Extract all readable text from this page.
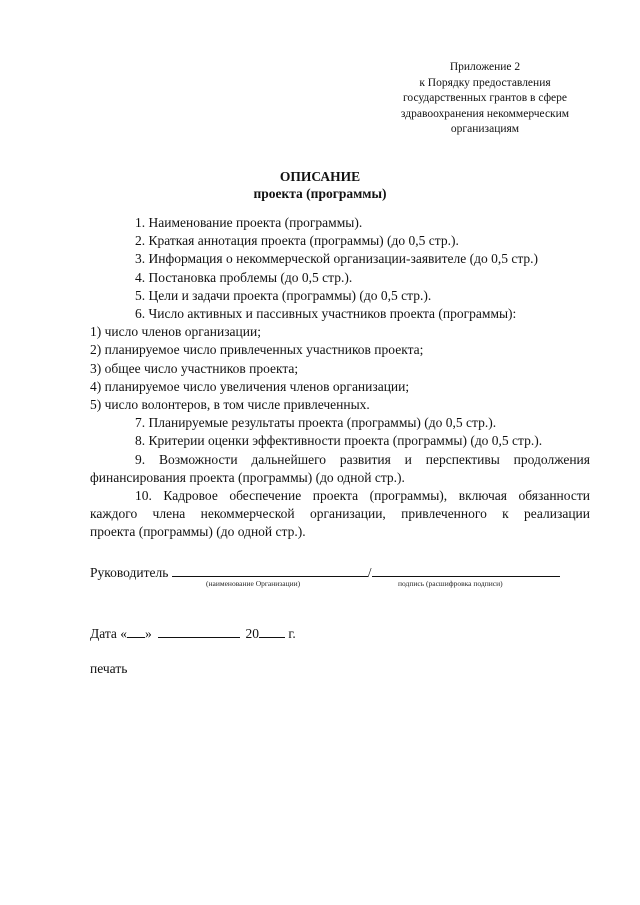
Приложение 2
к Порядку предоставления
государственных грантов в сфере
здравоохранения некоммерческим
организациям
ОПИСАНИЕ
проекта (программы)
1. Наименование проекта (программы).
2. Краткая аннотация проекта (программы) (до 0,5 стр.).
3. Информация о некоммерческой организации-заявителе (до 0,5 стр.)
4. Постановка проблемы (до 0,5 стр.).
5. Цели и задачи проекта (программы) (до 0,5 стр.).
6. Число активных и пассивных участников проекта (программы):
1) число членов организации;
2) планируемое число привлеченных участников проекта;
3) общее число участников проекта;
4) планируемое число увеличения членов организации;
5) число волонтеров, в том числе привлеченных.
7. Планируемые результаты проекта (программы) (до 0,5 стр.).
8. Критерии оценки эффективности проекта (программы) (до 0,5 стр.).
9. Возможности дальнейшего развития и перспективы продолжения
финансирования проекта (программы) (до одной стр.).
10. Кадровое обеспечение проекта (программы), включая обязанности
каждого члена некоммерческой организации, привлеченного к реализации
проекта (программы) (до одной стр.).
Руководитель	/
(наименование Организации)	подпись (расшифровка подписи)
Дата « »	20 г.
печать
